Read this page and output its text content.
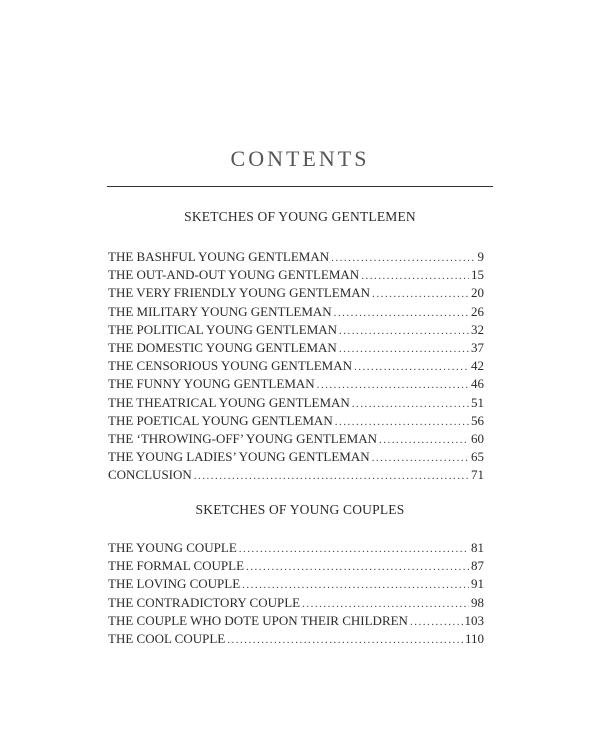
CONTENTS
SKETCHES OF YOUNG GENTLEMEN
THE BASHFUL YOUNG GENTLEMAN .....	9
THE OUT-AND-OUT YOUNG GENTLEMAN .....	15
THE VERY FRIENDLY YOUNG GENTLEMAN .....	20
THE MILITARY YOUNG GENTLEMAN .....	26
THE POLITICAL YOUNG GENTLEMAN .....	32
THE DOMESTIC YOUNG GENTLEMAN .....	37
THE CENSORIOUS YOUNG GENTLEMAN .....	42
THE FUNNY YOUNG GENTLEMAN .....	46
THE THEATRICAL YOUNG GENTLEMAN .....	51
THE POETICAL YOUNG GENTLEMAN .....	56
THE ‘THROWING-OFF’ YOUNG GENTLEMAN .....	60
THE YOUNG LADIES’ YOUNG GENTLEMAN .....	65
CONCLUSION .....	71
SKETCHES OF YOUNG COUPLES
THE YOUNG COUPLE .....	81
THE FORMAL COUPLE .....	87
THE LOVING COUPLE .....	91
THE CONTRADICTORY COUPLE .....	98
THE COUPLE WHO DOTE UPON THEIR CHILDREN .....	103
THE COOL COUPLE .....	110
